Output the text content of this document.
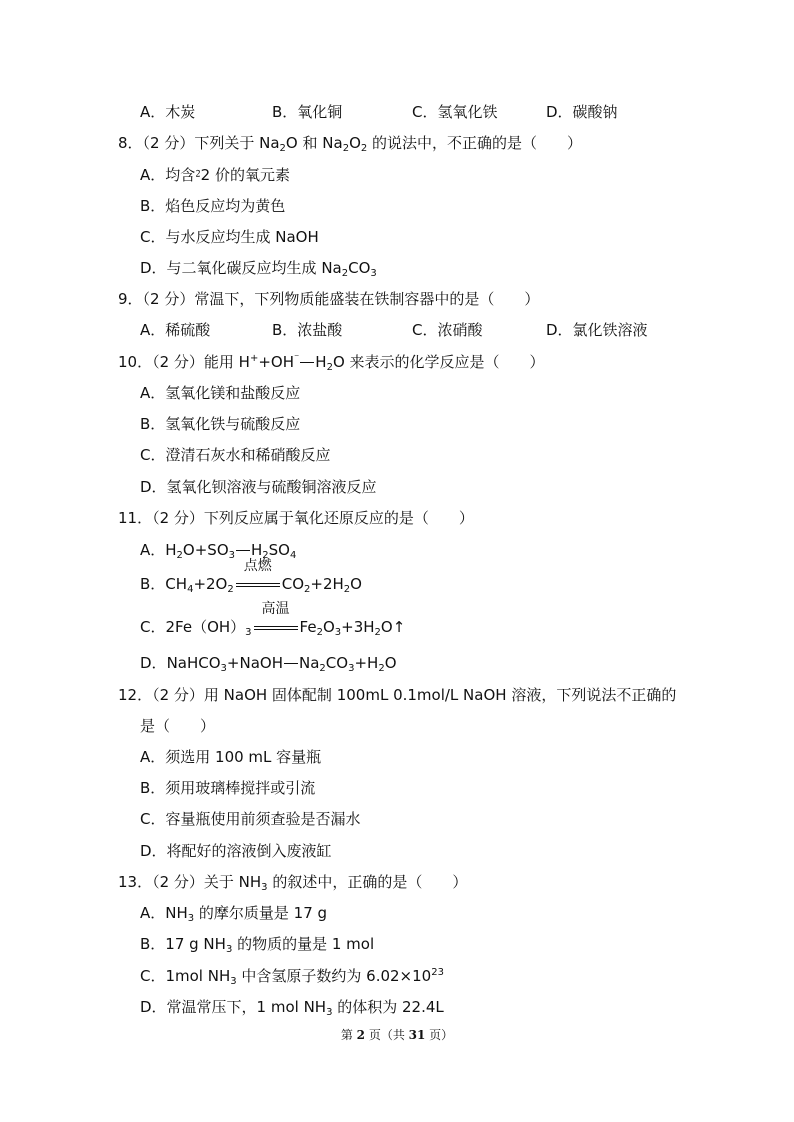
A．木炭	B．氧化铜	C．氢氧化铁	D．碳酸钠
8．（2 分）下列关于 $Na_2O$ 和 $Na_2O_2$ 的说法中，不正确的是（　　）
A．均含⁲2 价的氧元素
B．焰色反应均为黄色
C．与水反应均生成 NaOH
D．与二氧化碳反应均生成 $Na_2CO_3$
9．（2 分）常温下，下列物质能盛装在铁制容器中的是（　　）
A．稀硫酸	B．浓盐酸	C．浓硝酸	D．氯化铁溶液
10．（2 分）能用 H++OH⁻ $H_2O$ 来表示的化学反应是（　　）
A．氢氧化镁和盐酸反应
B．氢氧化铁与硫酸反应
C．澄清石灰水和稀硝酸反应
D．氢氧化钡溶液与硫酸铜溶液反应
11．（2 分）下列反应属于氧化还原反应的是（　　）
A．$H_2O+SO_3$ $H_2SO_4$
B．$CH_4+2O_2$
点燃
$CO_2+2H_2O$
C．$2Fe(OH)_3$
高温
$Fe_2O_3+3H_2O↑$
D．NaHCO$_3$+NaOH $Na_2CO_3+H_2O$
12．（2 分）用 NaOH 固体配制 100mL 0.1mol/L NaOH 溶液，下列说法不正确的
是（　　）
A．须选用 100 mL 容量瓶
B．须用玻璃棒搅拌或引流
C．容量瓶使用前须查验是否漏水
D．将配好的溶液倒入废液缸
13．（2 分）关于 $NH_3$ 的叙述中，正确的是（　　）
A．$NH_3$ 的摩尔质量是 17 g
B．17 g $NH_3$ 的物质的量是 1 mol
C．1mol $NH_3$ 中含氢原子数约为 $6.02\times 10^{23}$
D．常温常压下，1 mol $NH_3$ 的体积为 22.4L
第 2 页（共 31 页）
